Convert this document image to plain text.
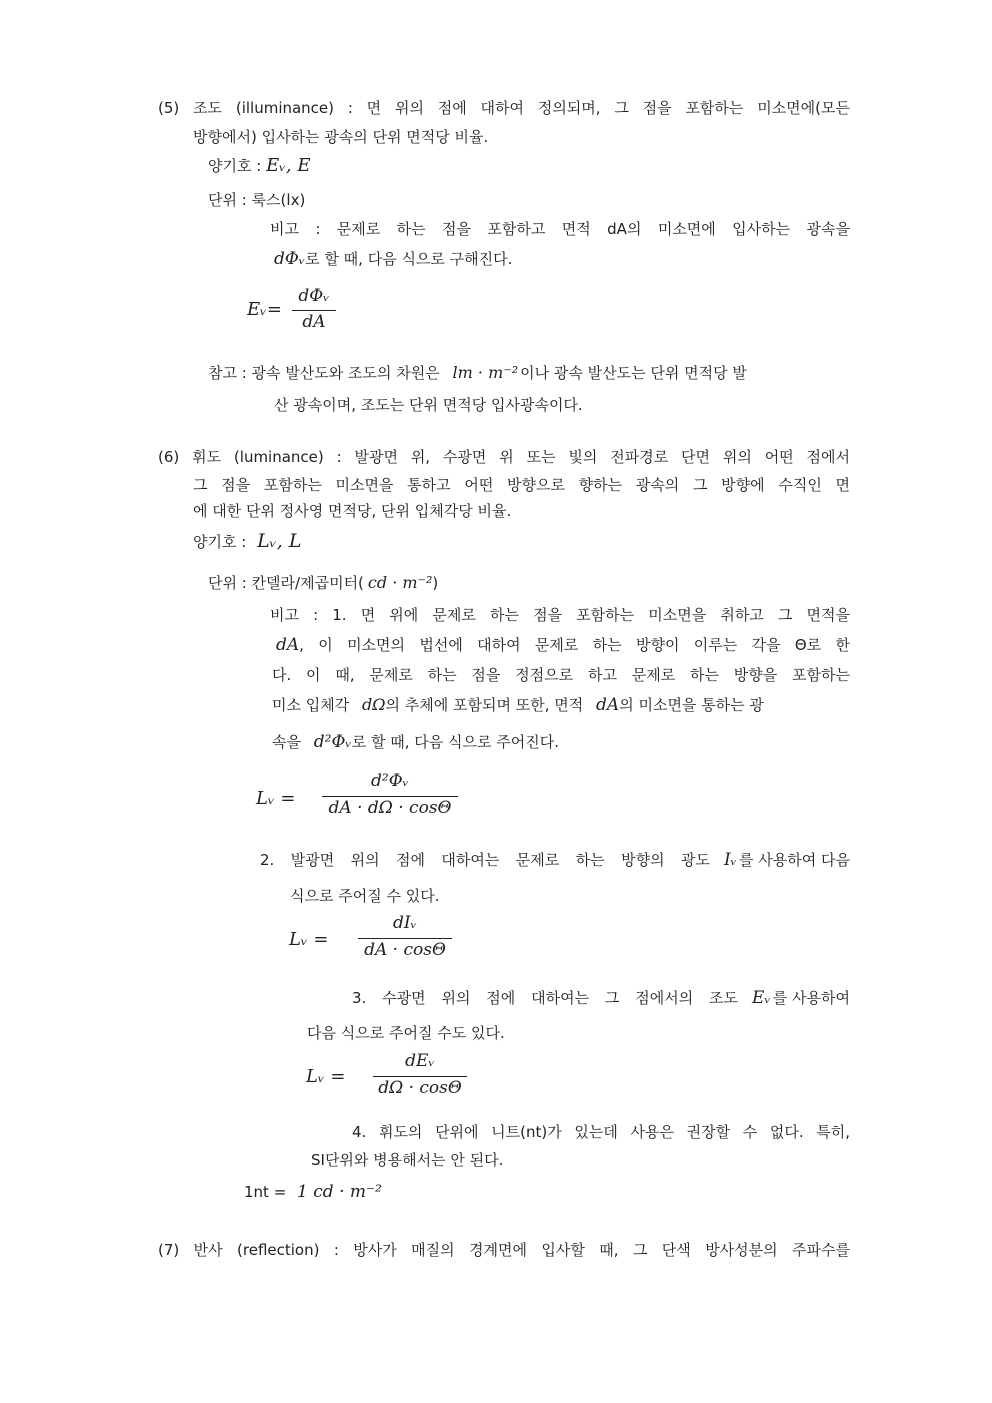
(5) 조도 (illuminance) : 면 위의 점에 대하여 정의되며, 그 점을 포함하는 미소면에(모든
방향에서) 입사하는 광속의 단위 면적당 비율.
양기호 : Eᵥ, E
단위 : 룩스(lx)
비고 : 문제로 하는 점을 포함하고 면적 dA의 미소면에 입사하는 광속을
dΦᵥ로 할 때, 다음 식으로 구해진다.
Eᵥ=
dΦᵥ
dA
참고 : 광속 발산도와 조도의 차원은 lm · m⁻² 이나 광속 발산도는 단위 면적당 발
산 광속이며, 조도는 단위 면적당 입사광속이다.
(6) 휘도 (luminance) : 발광면 위, 수광면 위 또는 빛의 전파경로 단면 위의 어떤 점에서
그 점을 포함하는 미소면을 통하고 어떤 방향으로 향하는 광속의 그 방향에 수직인 면
에 대한 단위 정사영 면적당, 단위 입체각당 비율.
양기호 : Lᵥ, L
단위 : 칸델라/제곱미터( cd · m⁻²)
비고 : 1. 면 위에 문제로 하는 점을 포함하는 미소면을 취하고 그 면적을
dA , 이 미소면의 법선에 대하여 문제로 하는 방향이 이루는 각을 Θ로 한
다. 이 때, 문제로 하는 점을 정점으로 하고 문제로 하는 방향을 포함하는
미소 입체각 dΩ의 추체에 포함되며 또한, 면적 dA의 미소면을 통하는 광
속을 d²Φᵥ로 할 때, 다음 식으로 주어진다.
Lᵥ =
d²Φᵥ
dA · dΩ · cosΘ
2. 발광면 위의 점에 대하여는 문제로 하는 방향의 광도 Iᵥ 를 사용하여 다음
식으로 주어질 수 있다.
Lᵥ =
dIᵥ
dA · cosΘ
3. 수광면 위의 점에 대하여는 그 점에서의 조도 Eᵥ 를 사용하여
다음 식으로 주어질 수도 있다.
Lᵥ =
dEᵥ
dΩ · cosΘ
4. 휘도의 단위에 니트(nt)가 있는데 사용은 권장할 수 없다. 특히,
SI단위와 병용해서는 안 된다.
1nt = 1 cd · m⁻²
(7) 반사 (reflection) : 방사가 매질의 경계면에 입사할 때, 그 단색 방사성분의 주파수를
